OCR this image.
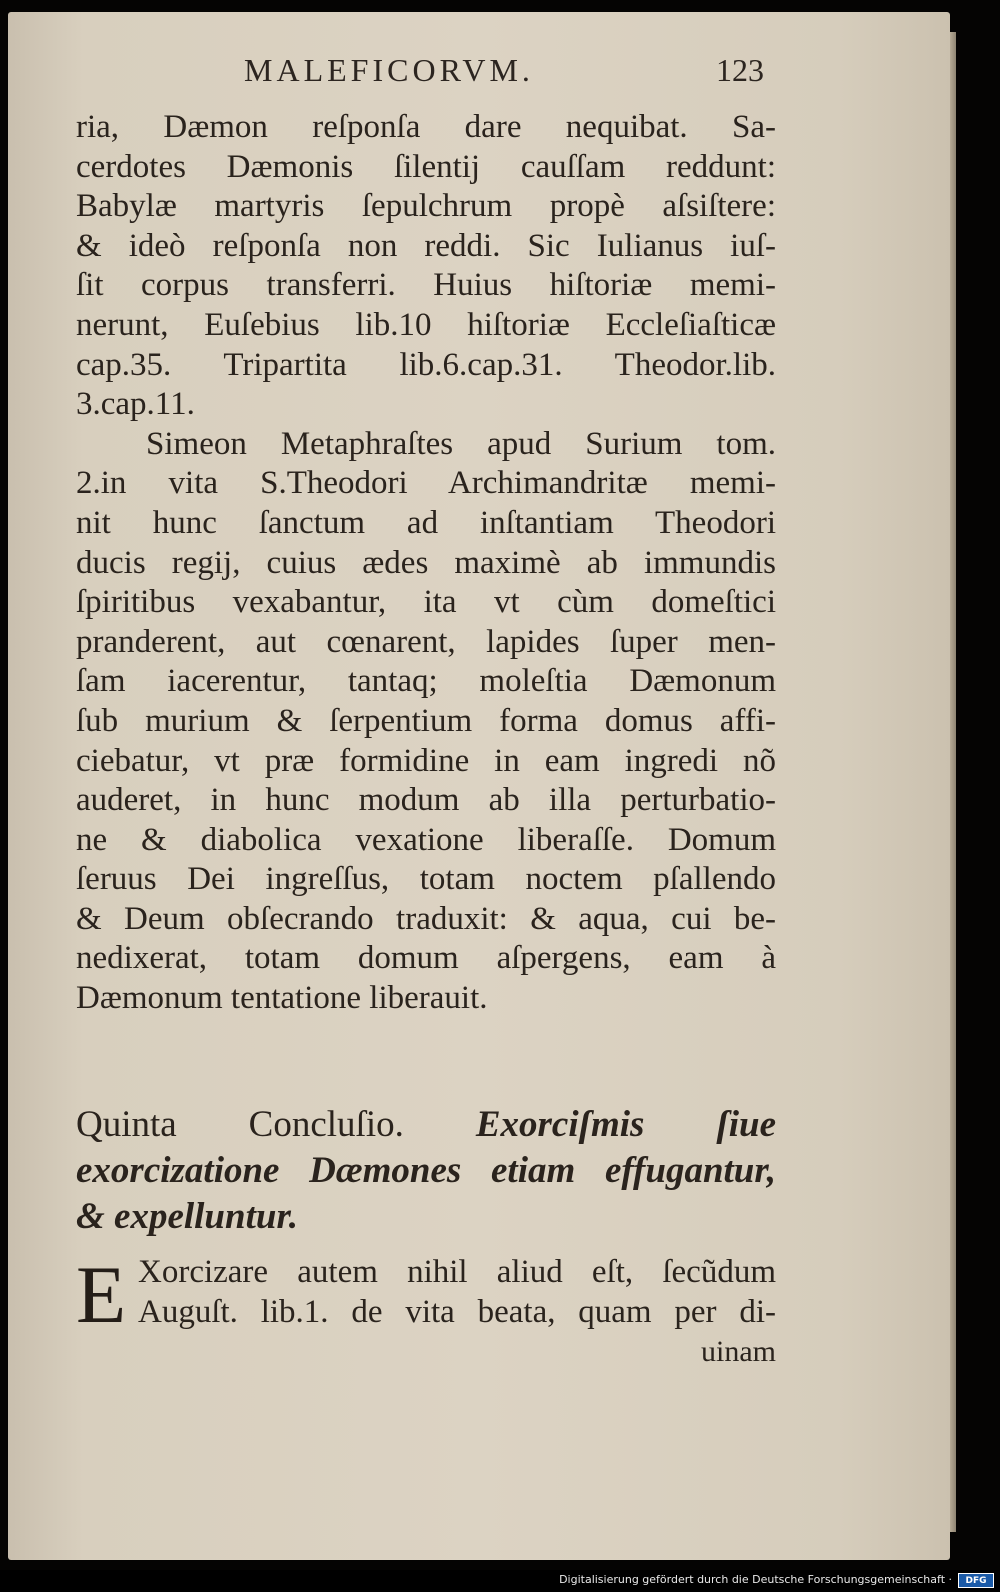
MALEFICORVM.	123
ria, Dæmon reſponſa dare nequibat. Sa-
cerdotes Dæmonis ſilentij cauſſam reddunt:
Babylæ martyris ſepulchrum propè aſsiſtere:
& ideò reſponſa non reddi. Sic Iulianus iuſ-
ſit corpus transferri. Huius hiſtoriæ memi-
nerunt, Euſebius lib.10 hiſtoriæ Eccleſiaſticæ
cap.35. Tripartita lib.6.cap.31. Theodor.lib.
3.cap.11.
Simeon Metaphraſtes apud Surium tom.
2.in vita S.Theodori Archimandritæ memi-
nit hunc ſanctum ad inſtantiam Theodori
ducis regij, cuius ædes maximè ab immundis
ſpiritibus vexabantur, ita vt cùm domeſtici
pranderent, aut cœnarent, lapides ſuper men-
ſam iacerentur, tantaq; moleſtia Dæmonum
ſub murium & ſerpentium forma domus affi-
ciebatur, vt præ formidine in eam ingredi nõ
auderet, in hunc modum ab illa perturbatio-
ne & diabolica vexatione liberaſſe. Domum
ſeruus Dei ingreſſus, totam noctem pſallendo
& Deum obſecrando traduxit: & aqua, cui be-
nedixerat, totam domum aſpergens, eam à
Dæmonum tentatione liberauit.
Quinta Concluſio. Exorciſmis ſiue
exorcizatione Dæmones etiam effugantur,
& expelluntur.
E Xorcizare autem nihil aliud eſt, ſecũdum
Auguſt. lib.1. de vita beata, quam per di-
uinam
Digitalisierung gefördert durch die Deutsche Forschungsgemeinschaft ·	DFG
